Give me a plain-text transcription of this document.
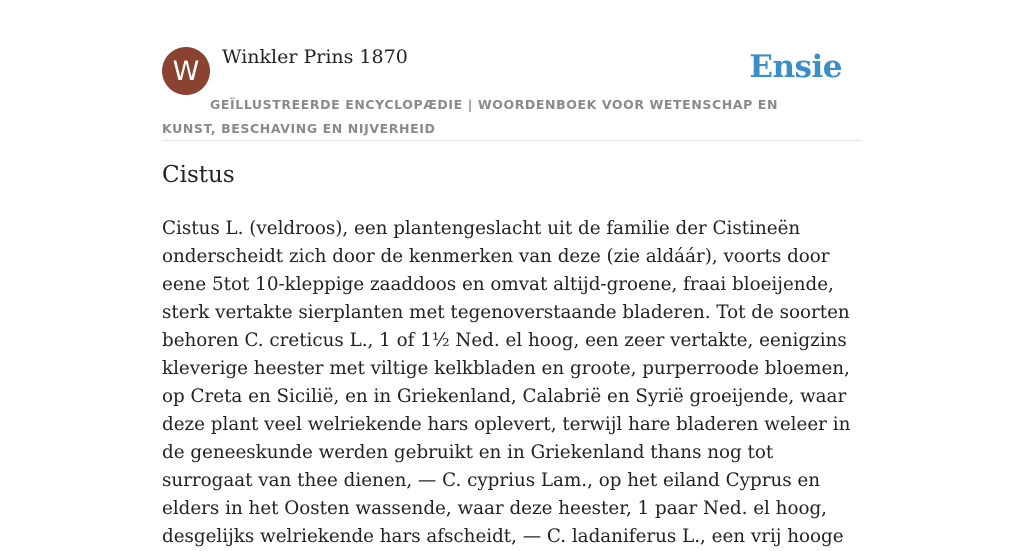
W	Winkler Prins 1870
GEÏLLUSTREERDE ENCYCLOPÆDIE | WOORDENBOEK VOOR WETENSCHAP EN KUNST, BESCHAVING EN NIJVERHEID
Ensie
Cistus

Cistus L. (veldroos), een plantengeslacht uit de familie der Cistineën onderscheidt zich door de kenmerken van deze (zie aldáár), voorts door eene 5tot 10-kleppige zaaddoos en omvat altijd-groene, fraai bloeijende, sterk vertakte sierplanten met tegenoverstaande bladeren. Tot de soorten behoren C. creticus L., 1 of 1½ Ned. el hoog, een zeer vertakte, eenigzins kleverige heester met viltige kelkbladen en groote, purperroode bloemen, op Creta en Sicilië, en in Griekenland, Calabrië en Syrië groeijende, waar deze plant veel welriekende hars oplevert, terwijl hare bladeren weleer in de geneeskunde werden gebruikt en in Griekenland thans nog tot surrogaat van thee dienen, — C. cyprius Lam., op het eiland Cyprus en elders in het Oosten wassende, waar deze heester, 1 paar Ned. el hoog, desgelijks welriekende hars afscheidt, — C. ladaniferus L., een vrij hooge
